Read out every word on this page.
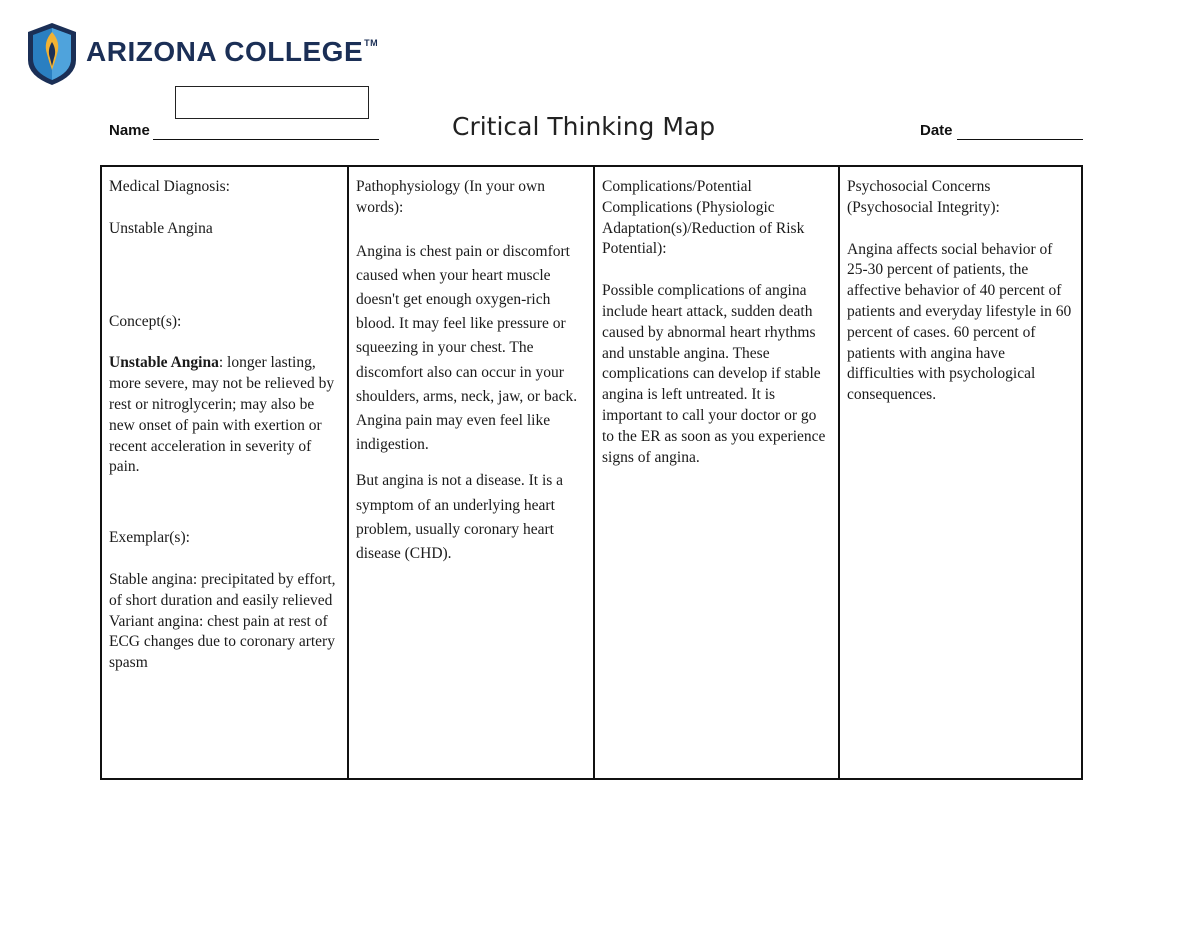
ARIZONA COLLEGE™
Name	Critical Thinking Map	Date

Medical Diagnosis:

Unstable Angina

Concept(s):

Unstable Angina: longer lasting, more severe, may not be relieved by

rest or nitroglycerin; may also be new onset of pain with exertion or recent acceleration in severity of pain.

Exemplar(s):

Stable angina: precipitated by effort, of short duration and easily relieved

Variant angina: chest pain at rest of ECG changes due to coronary artery spasm

Pathophysiology (In your own words):

Angina is chest pain or discomfort caused when your heart muscle doesn't get enough oxygen-rich blood. It may feel like pressure or squeezing in your chest. The discomfort also can occur in your shoulders, arms, neck, jaw, or back. Angina pain may even feel like indigestion.

But angina is not a disease. It is a symptom of an underlying heart problem, usually coronary heart disease (CHD).

Complications/Potential Complications (Physiologic Adaptation(s)/Reduction of Risk Potential):

Possible complications of angina include heart attack, sudden death caused by abnormal heart rhythms and unstable angina. These complications can develop if stable angina is left untreated. It is important to call your doctor or go to the ER as soon as you experience signs of angina.

Psychosocial Concerns (Psychosocial Integrity):

Angina affects social behavior of 25-30 percent of patients, the affective behavior of 40 percent of patients and everyday lifestyle in 60 percent of cases. 60 percent of patients with angina have difficulties with psychological consequences.
